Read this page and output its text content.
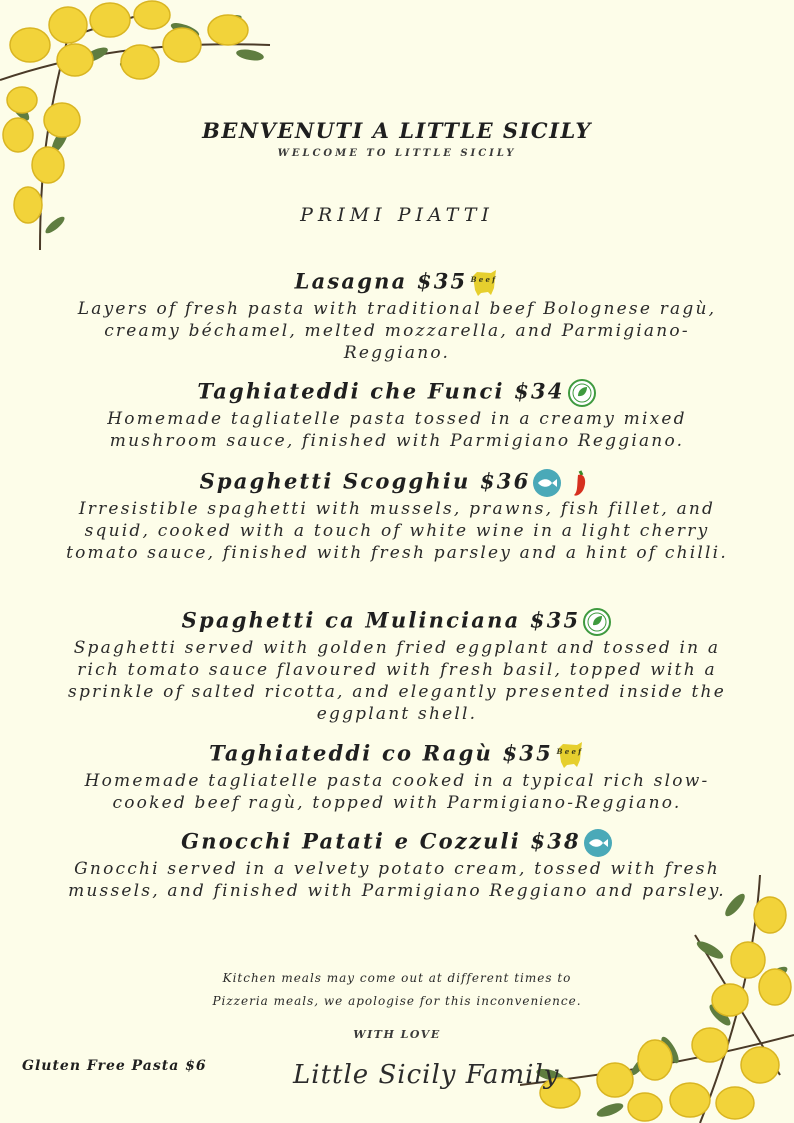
BENVENUTI A LITTLE SICILY
WELCOME TO LITTLE SICILY
PRIMI PIATTI
Lasagna $35 Beef
Layers of fresh pasta with traditional beef Bolognese ragù, creamy béchamel, melted mozzarella, and Parmigiano-Reggiano.
Taghiateddi che Funci $34
Homemade tagliatelle pasta tossed in a creamy mixed mushroom sauce, finished with Parmigiano Reggiano.
Spaghetti Scogghiu $36
Irresistible spaghetti with mussels, prawns, fish fillet, and squid, cooked with a touch of white wine in a light cherry tomato sauce, finished with fresh parsley and a hint of chilli.
Spaghetti ca Mulinciana $35
Spaghetti served with golden fried eggplant and tossed in a rich tomato sauce flavoured with fresh basil, topped with a sprinkle of salted ricotta, and elegantly presented inside the eggplant shell.
Taghiateddi co Ragù $35 Beef
Homemade tagliatelle pasta cooked in a typical rich slow-cooked beef ragù, topped with Parmigiano-Reggiano.
Gnocchi Patati e Cozzuli $38
Gnocchi served in a velvety potato cream, tossed with fresh mussels, and finished with Parmigiano Reggiano and parsley.
Kitchen meals may come out at different times to
Pizzeria meals, we apologise for this inconvenience.
WITH LOVE
Little Sicily Family
Gluten Free Pasta $6
